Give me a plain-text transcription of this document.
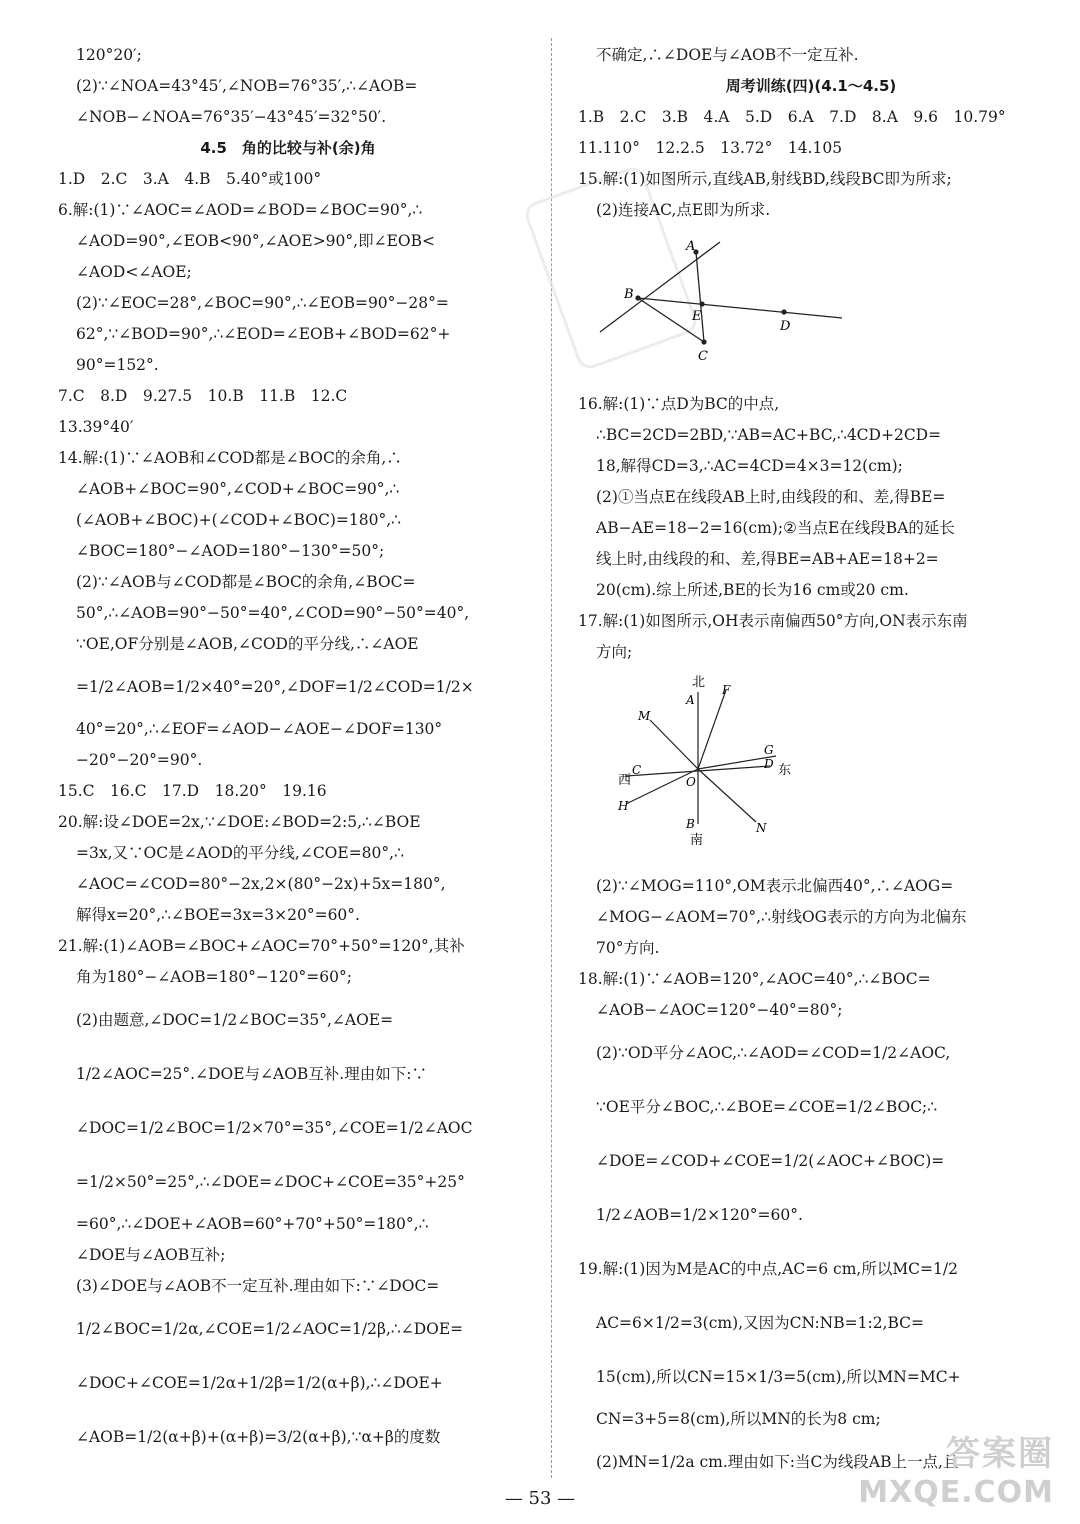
120°20′;
(2)∵∠NOA=43°45′,∠NOB=76°35′,∴∠AOB=
∠NOB−∠NOA=76°35′−43°45′=32°50′.
4.5　角的比较与补(余)角
1.D　2.C　3.A　4.B　5.40°或100°
6.解:(1)∵∠AOC=∠AOD=∠BOD=∠BOC=90°,∴
∠AOD=90°,∠EOB<90°,∠AOE>90°,即∠EOB<
∠AOD<∠AOE;
(2)∵∠EOC=28°,∠BOC=90°,∴∠EOB=90°−28°=
62°,∵∠BOD=90°,∴∠EOD=∠EOB+∠BOD=62°+
90°=152°.
7.C　8.D　9.27.5　10.B　11.B　12.C
13.39°40′
14.解:(1)∵∠AOB和∠COD都是∠BOC的余角,∴
∠AOB+∠BOC=90°,∠COD+∠BOC=90°,∴
(∠AOB+∠BOC)+(∠COD+∠BOC)=180°,∴
∠BOC=180°−∠AOD=180°−130°=50°;
(2)∵∠AOB与∠COD都是∠BOC的余角,∠BOC=
50°,∴∠AOB=90°−50°=40°,∠COD=90°−50°=40°,
∵OE,OF分别是∠AOB,∠COD的平分线,∴∠AOE
=1/2∠AOB=1/2×40°=20°,∠DOF=1/2∠COD=1/2×
40°=20°,∴∠EOF=∠AOD−∠AOE−∠DOF=130°
−20°−20°=90°.
15.C　16.C　17.D　18.20°　19.16
20.解:设∠DOE=2x,∵∠DOE:∠BOD=2:5,∴∠BOE
=3x,又∵OC是∠AOD的平分线,∠COE=80°,∴
∠AOC=∠COD=80°−2x,2×(80°−2x)+5x=180°,
解得x=20°,∴∠BOE=3x=3×20°=60°.
21.解:(1)∠AOB=∠BOC+∠AOC=70°+50°=120°,其补
角为180°−∠AOB=180°−120°=60°;
(2)由题意,∠DOC=1/2∠BOC=35°,∠AOE=
1/2∠AOC=25°.∠DOE与∠AOB互补.理由如下:∵
∠DOC=1/2∠BOC=1/2×70°=35°,∠COE=1/2∠AOC
=1/2×50°=25°,∴∠DOE=∠DOC+∠COE=35°+25°
=60°,∴∠DOE+∠AOB=60°+70°+50°=180°,∴
∠DOE与∠AOB互补;
(3)∠DOE与∠AOB不一定互补.理由如下:∵∠DOC=
1/2∠BOC=1/2α,∠COE=1/2∠AOC=1/2β,∴∠DOE=
∠DOC+∠COE=1/2α+1/2β=1/2(α+β),∴∠DOE+
∠AOB=1/2(α+β)+(α+β)=3/2(α+β),∵α+β的度数
不确定,∴∠DOE与∠AOB不一定互补.
周考训练(四)(4.1～4.5)
1.B　2.C　3.B　4.A　5.D　6.A　7.D　8.A　9.6　10.79°
11.110°　12.2.5　13.72°　14.105
15.解:(1)如图所示,直线AB,射线BD,线段BC即为所求;
(2)连接AC,点E即为所求.
A
B
E
D
C
16.解:(1)∵点D为BC的中点,
∴BC=2CD=2BD,∵AB=AC+BC,∴4CD+2CD=
18,解得CD=3,∴AC=4CD=4×3=12(cm);
(2)①当点E在线段AB上时,由线段的和、差,得BE=
AB−AE=18−2=16(cm);②当点E在线段BA的延长
线上时,由线段的和、差,得BE=AB+AE=18+2=
20(cm).综上所述,BE的长为16 cm或20 cm.
17.解:(1)如图所示,OH表示南偏西50°方向,ON表示东南
方向;
北
A
F
M
G
D 东
西
C
O
H
B
南
N
(2)∵∠MOG=110°,OM表示北偏西40°,∴∠AOG=
∠MOG−∠AOM=70°,∴射线OG表示的方向为北偏东
70°方向.
18.解:(1)∵∠AOB=120°,∠AOC=40°,∴∠BOC=
∠AOB−∠AOC=120°−40°=80°;
(2)∵OD平分∠AOC,∴∠AOD=∠COD=1/2∠AOC,
∵OE平分∠BOC,∴∠BOE=∠COE=1/2∠BOC;∴
∠DOE=∠COD+∠COE=1/2(∠AOC+∠BOC)=
1/2∠AOB=1/2×120°=60°.
19.解:(1)因为M是AC的中点,AC=6 cm,所以MC=1/2
AC=6×1/2=3(cm),又因为CN:NB=1:2,BC=
15(cm),所以CN=15×1/3=5(cm),所以MN=MC+
CN=3+5=8(cm),所以MN的长为8 cm;
(2)MN=1/2a cm.理由如下:当C为线段AB上一点,且
— 53 —
答案圈
MXQE.COM
